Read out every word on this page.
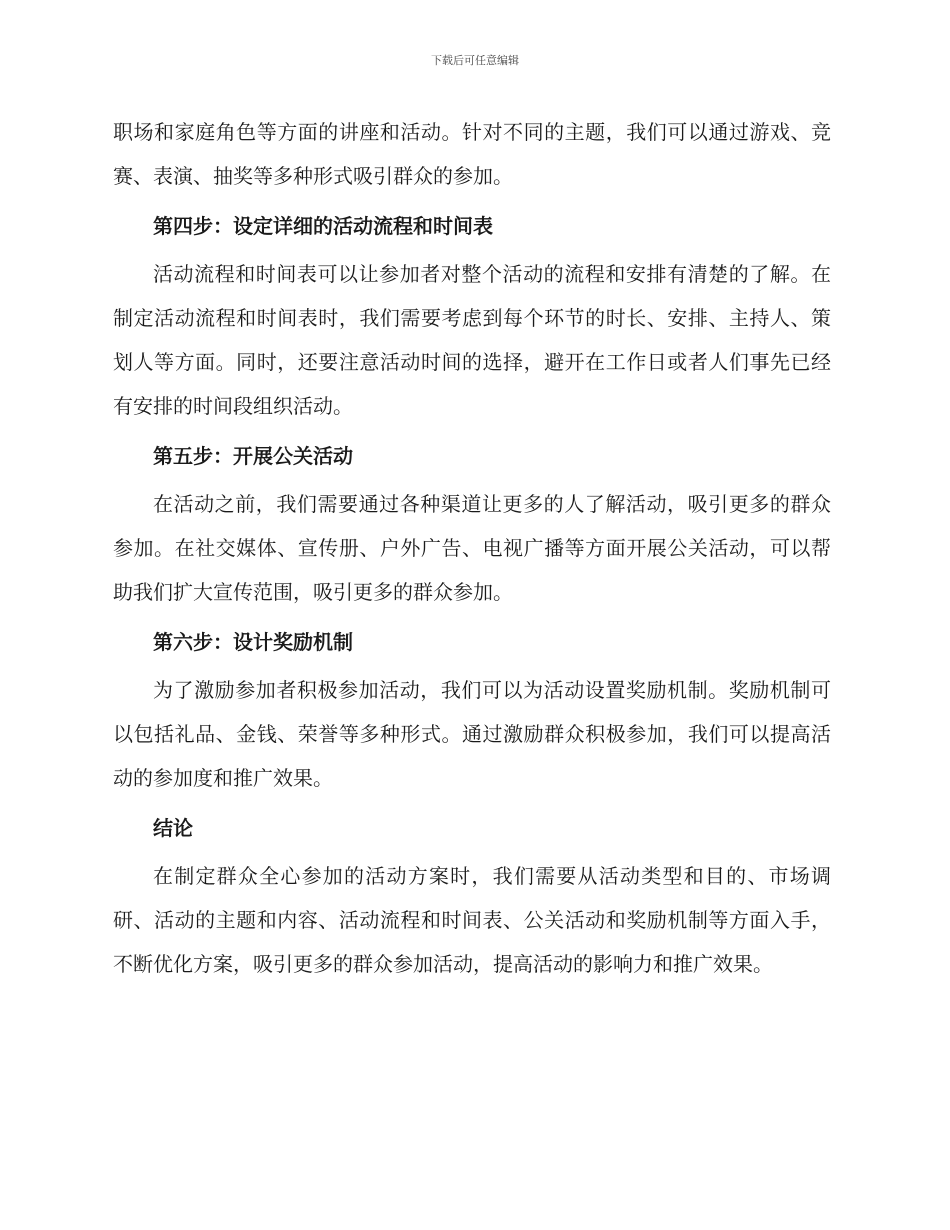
下载后可任意编辑

职场和家庭角色等方面的讲座和活动。针对不同的主题，我们可以通过游戏、竞赛、表演、抽奖等多种形式吸引群众的参加。

第四步：设定详细的活动流程和时间表

活动流程和时间表可以让参加者对整个活动的流程和安排有清楚的了解。在制定活动流程和时间表时，我们需要考虑到每个环节的时长、安排、主持人、策划人等方面。同时，还要注意活动时间的选择，避开在工作日或者人们事先已经有安排的时间段组织活动。

第五步：开展公关活动

在活动之前，我们需要通过各种渠道让更多的人了解活动，吸引更多的群众参加。在社交媒体、宣传册、户外广告、电视广播等方面开展公关活动，可以帮助我们扩大宣传范围，吸引更多的群众参加。

第六步：设计奖励机制

为了激励参加者积极参加活动，我们可以为活动设置奖励机制。奖励机制可以包括礼品、金钱、荣誉等多种形式。通过激励群众积极参加，我们可以提高活动的参加度和推广效果。

结论

在制定群众全心参加的活动方案时，我们需要从活动类型和目的、市场调研、活动的主题和内容、活动流程和时间表、公关活动和奖励机制等方面入手，不断优化方案，吸引更多的群众参加活动，提高活动的影响力和推广效果。
